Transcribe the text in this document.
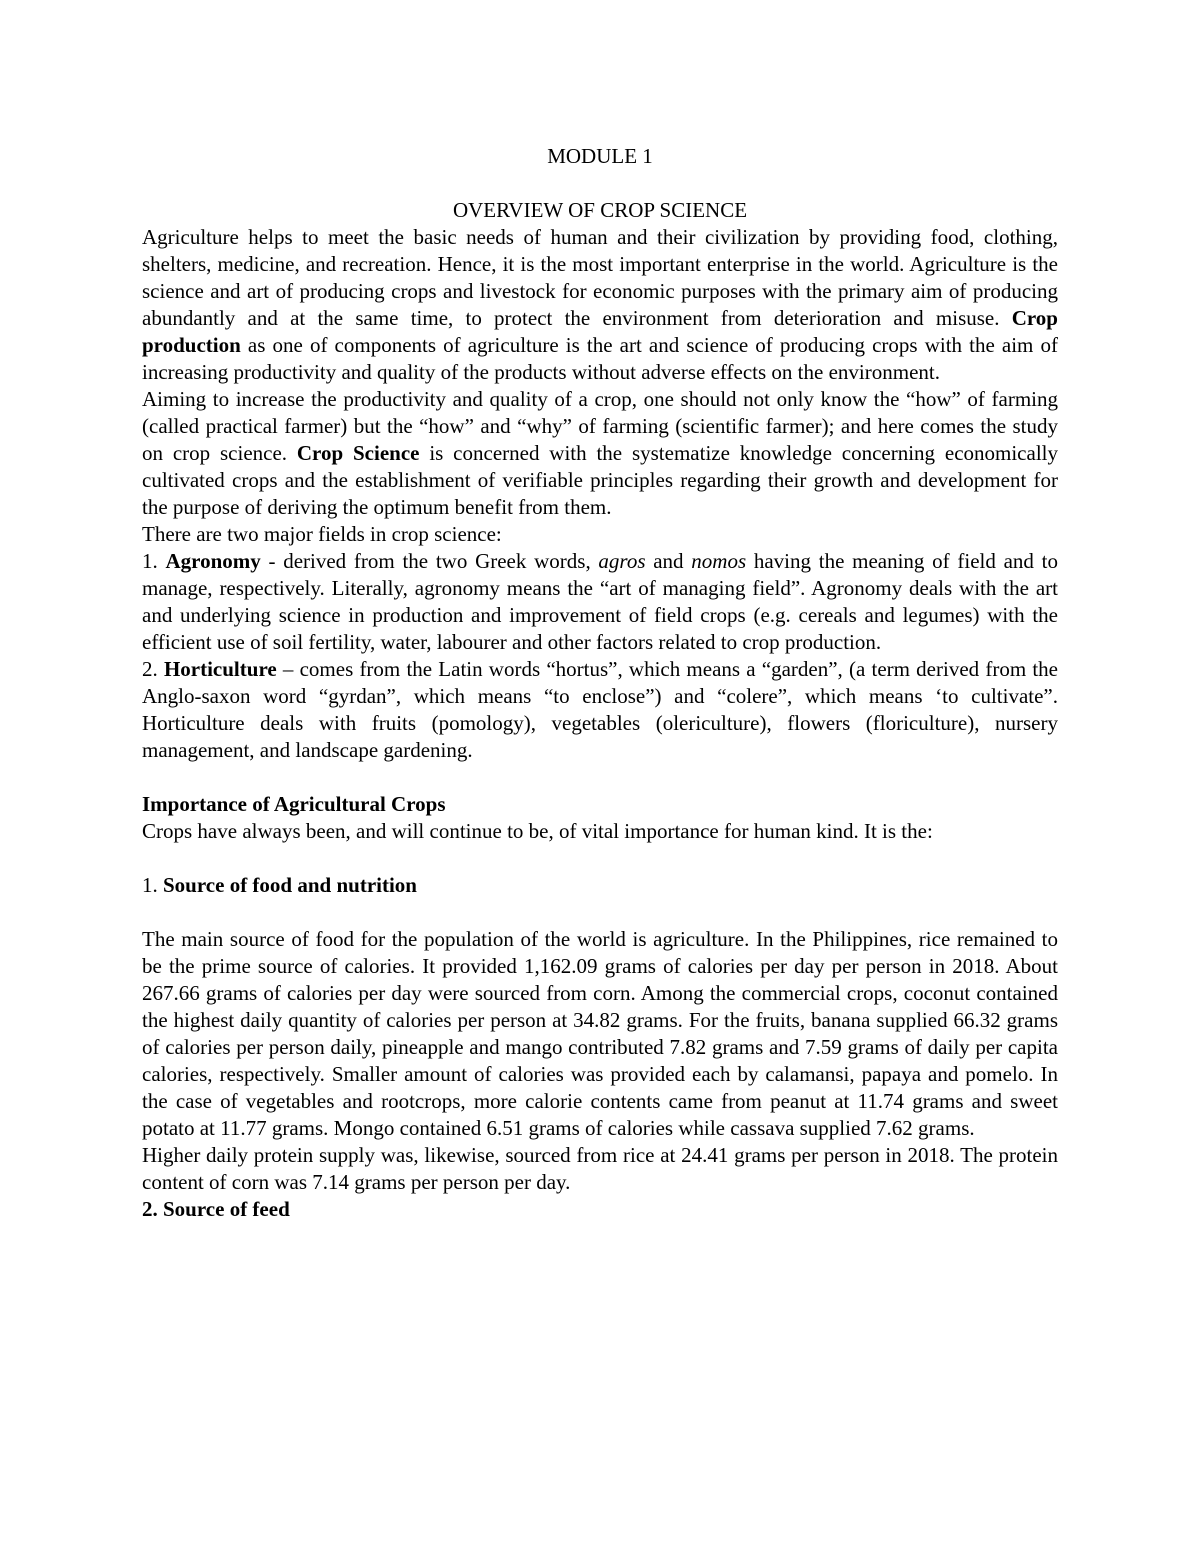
MODULE 1

OVERVIEW OF CROP SCIENCE

Agriculture helps to meet the basic needs of human and their civilization by providing food, clothing, shelters, medicine, and recreation. Hence, it is the most important enterprise in the world. Agriculture is the science and art of producing crops and livestock for economic purposes with the primary aim of producing abundantly and at the same time, to protect the environment from deterioration and misuse. Crop production as one of components of agriculture is the art and science of producing crops with the aim of increasing productivity and quality of the products without adverse effects on the environment.

Aiming to increase the productivity and quality of a crop, one should not only know the “how” of farming (called practical farmer) but the “how” and “why” of farming (scientific farmer); and here comes the study on crop science. Crop Science is concerned with the systematize knowledge concerning economically cultivated crops and the establishment of verifiable principles regarding their growth and development for the purpose of deriving the optimum benefit from them.

There are two major fields in crop science:

1. Agronomy - derived from the two Greek words, agros and nomos having the meaning of field and to manage, respectively. Literally, agronomy means the “art of managing field”. Agronomy deals with the art and underlying science in production and improvement of field crops (e.g. cereals and legumes) with the efficient use of soil fertility, water, labourer and other factors related to crop production.

2. Horticulture – comes from the Latin words “hortus”, which means a “garden”, (a term derived from the Anglo-saxon word “gyrdan”, which means “to enclose”) and “colere”, which means ‘to cultivate”. Horticulture deals with fruits (pomology), vegetables (olericulture), flowers (floriculture), nursery management, and landscape gardening.

Importance of Agricultural Crops

Crops have always been, and will continue to be, of vital importance for human kind. It is the:

1. Source of food and nutrition

The main source of food for the population of the world is agriculture. In the Philippines, rice remained to be the prime source of calories. It provided 1,162.09 grams of calories per day per person in 2018. About 267.66 grams of calories per day were sourced from corn. Among the commercial crops, coconut contained the highest daily quantity of calories per person at 34.82 grams. For the fruits, banana supplied 66.32 grams of calories per person daily, pineapple and mango contributed 7.82 grams and 7.59 grams of daily per capita calories, respectively. Smaller amount of calories was provided each by calamansi, papaya and pomelo. In the case of vegetables and rootcrops, more calorie contents came from peanut at 11.74 grams and sweet potato at 11.77 grams. Mongo contained 6.51 grams of calories while cassava supplied 7.62 grams.

Higher daily protein supply was, likewise, sourced from rice at 24.41 grams per person in 2018. The protein content of corn was 7.14 grams per person per day.

2. Source of feed
